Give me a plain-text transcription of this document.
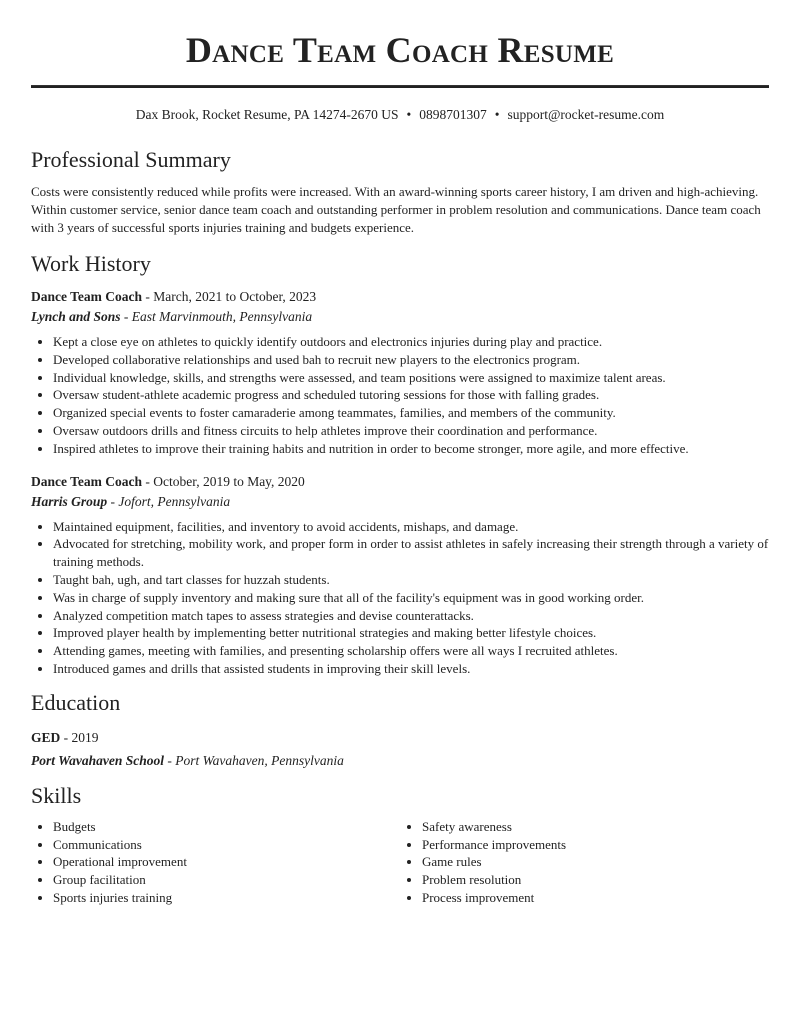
Dance Team Coach Resume
Dax Brook, Rocket Resume, PA 14274-2670 US • 0898701307 • support@rocket-resume.com
Professional Summary

Costs were consistently reduced while profits were increased. With an award-winning sports career history, I am driven and high-achieving. Within customer service, senior dance team coach and outstanding performer in problem resolution and communications. Dance team coach with 3 years of successful sports injuries training and budgets experience.

Work History
Dance Team Coach - March, 2021 to October, 2023
Lynch and Sons - East Marvinmouth, Pennsylvania
• Kept a close eye on athletes to quickly identify outdoors and electronics injuries during play and practice.
• Developed collaborative relationships and used bah to recruit new players to the electronics program.
• Individual knowledge, skills, and strengths were assessed, and team positions were assigned to maximize talent areas.
• Oversaw student-athlete academic progress and scheduled tutoring sessions for those with falling grades.
• Organized special events to foster camaraderie among teammates, families, and members of the community.
• Oversaw outdoors drills and fitness circuits to help athletes improve their coordination and performance.
• Inspired athletes to improve their training habits and nutrition in order to become stronger, more agile, and more effective.
Dance Team Coach - October, 2019 to May, 2020
Harris Group - Jofort, Pennsylvania
• Maintained equipment, facilities, and inventory to avoid accidents, mishaps, and damage.
• Advocated for stretching, mobility work, and proper form in order to assist athletes in safely increasing their strength through a variety of training methods.
• Taught bah, ugh, and tart classes for huzzah students.
• Was in charge of supply inventory and making sure that all of the facility's equipment was in good working order.
• Analyzed competition match tapes to assess strategies and devise counterattacks.
• Improved player health by implementing better nutritional strategies and making better lifestyle choices.
• Attending games, meeting with families, and presenting scholarship offers were all ways I recruited athletes.
• Introduced games and drills that assisted students in improving their skill levels.
Education
GED - 2019
Port Wavahaven School - Port Wavahaven, Pennsylvania
Skills
• Budgets
• Communications
• Operational improvement
• Group facilitation
• Sports injuries training
• Safety awareness
• Performance improvements
• Game rules
• Problem resolution
• Process improvement
